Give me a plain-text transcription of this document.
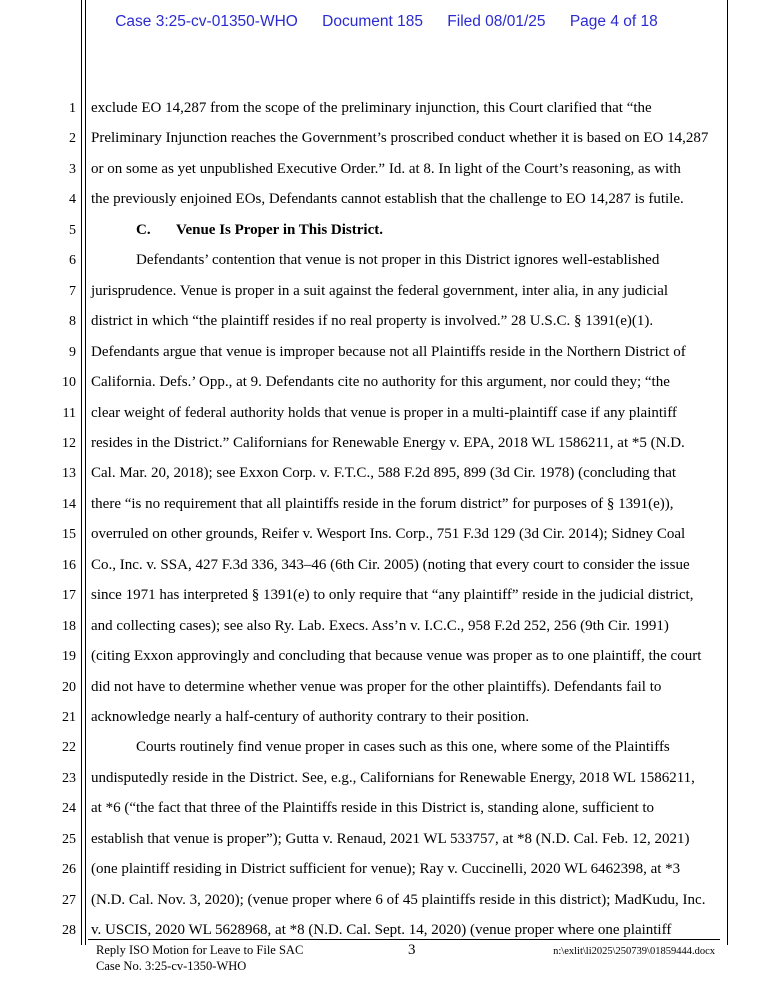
Case 3:25-cv-01350-WHO Document 185 Filed 08/01/25 Page 4 of 18
1
2
3
4
5
6
7
8
9
10
11
12
13
14
15
16
17
18
19
20
21
22
23
24
25
26
27
28
exclude EO 14,287 from the scope of the preliminary injunction, this Court clarified that “the
Preliminary Injunction reaches the Government’s proscribed conduct whether it is based on EO 14,287
or on some as yet unpublished Executive Order.” Id. at 8. In light of the Court’s reasoning, as with
the previously enjoined EOs, Defendants cannot establish that the challenge to EO 14,287 is futile.
C. Venue Is Proper in This District.
Defendants’ contention that venue is not proper in this District ignores well-established
jurisprudence. Venue is proper in a suit against the federal government, inter alia, in any judicial
district in which “the plaintiff resides if no real property is involved.” 28 U.S.C. § 1391(e)(1).
Defendants argue that venue is improper because not all Plaintiffs reside in the Northern District of
California. Defs.’ Opp., at 9. Defendants cite no authority for this argument, nor could they; “the
clear weight of federal authority holds that venue is proper in a multi-plaintiff case if any plaintiff
resides in the District.” Californians for Renewable Energy v. EPA, 2018 WL 1586211, at *5 (N.D.
Cal. Mar. 20, 2018); see Exxon Corp. v. F.T.C., 588 F.2d 895, 899 (3d Cir. 1978) (concluding that
there “is no requirement that all plaintiffs reside in the forum district” for purposes of § 1391(e)),
overruled on other grounds, Reifer v. Wesport Ins. Corp., 751 F.3d 129 (3d Cir. 2014); Sidney Coal
Co., Inc. v. SSA, 427 F.3d 336, 343–46 (6th Cir. 2005) (noting that every court to consider the issue
since 1971 has interpreted § 1391(e) to only require that “any plaintiff” reside in the judicial district,
and collecting cases); see also Ry. Lab. Execs. Ass’n v. I.C.C., 958 F.2d 252, 256 (9th Cir. 1991)
(citing Exxon approvingly and concluding that because venue was proper as to one plaintiff, the court
did not have to determine whether venue was proper for the other plaintiffs). Defendants fail to
acknowledge nearly a half-century of authority contrary to their position.
Courts routinely find venue proper in cases such as this one, where some of the Plaintiffs
undisputedly reside in the District. See, e.g., Californians for Renewable Energy, 2018 WL 1586211,
at *6 (“the fact that three of the Plaintiffs reside in this District is, standing alone, sufficient to
establish that venue is proper”); Gutta v. Renaud, 2021 WL 533757, at *8 (N.D. Cal. Feb. 12, 2021)
(one plaintiff residing in District sufficient for venue); Ray v. Cuccinelli, 2020 WL 6462398, at *3
(N.D. Cal. Nov. 3, 2020); (venue proper where 6 of 45 plaintiffs reside in this district); MadKudu, Inc.
v. USCIS, 2020 WL 5628968, at *8 (N.D. Cal. Sept. 14, 2020) (venue proper where one plaintiff
Reply ISO Motion for Leave to File SAC
Case No. 3:25-cv-1350-WHO
3	n:\exlit\li2025\250739\01859444.docx
